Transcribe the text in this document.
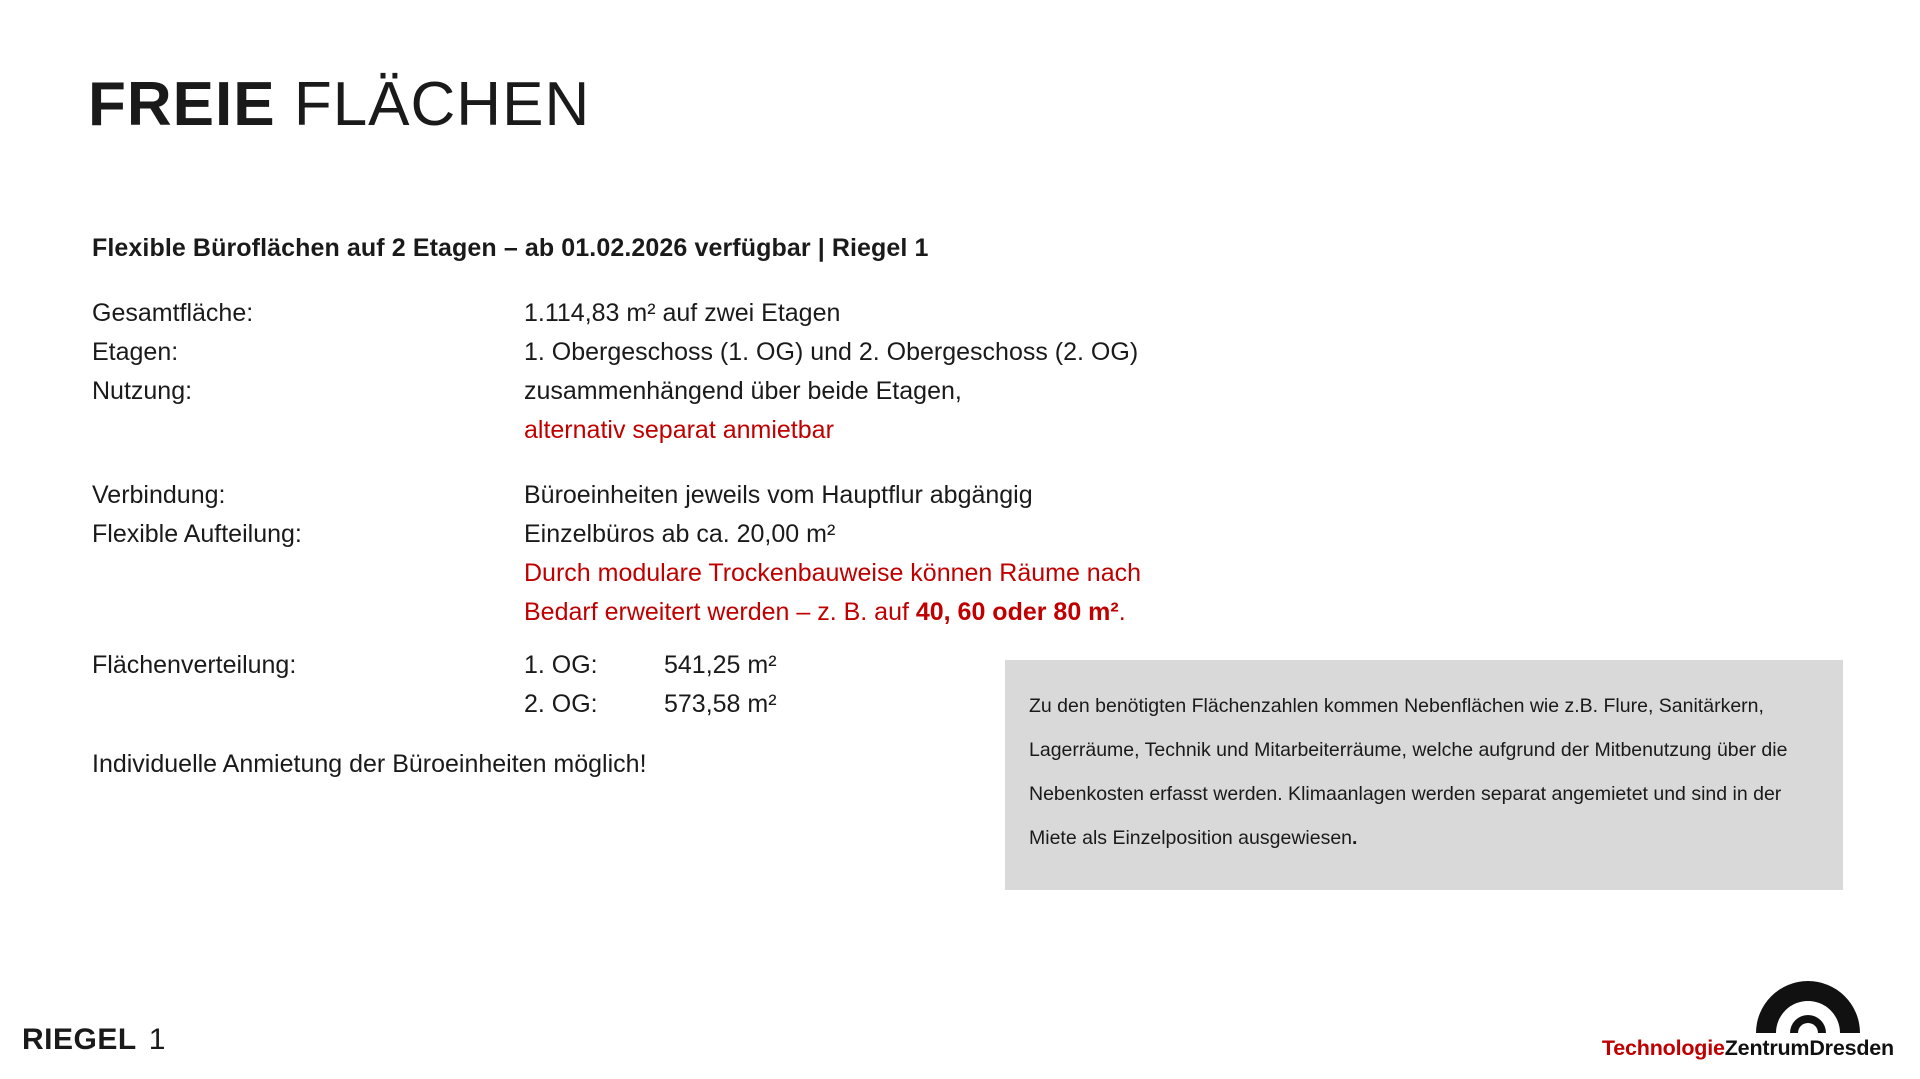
FREIE FLÄCHEN
Flexible Büroflächen auf 2 Etagen – ab 01.02.2026 verfügbar | Riegel 1
Gesamtfläche:	1.114,83 m² auf zwei Etagen
Etagen:	1. Obergeschoss (1. OG) und 2. Obergeschoss (2. OG)
Nutzung:	zusammenhängend über beide Etagen,
alternativ separat anmietbar
Verbindung:	Büroeinheiten jeweils vom Hauptflur abgängig
Flexible Aufteilung:	Einzelbüros ab ca. 20,00 m²
Durch modulare Trockenbauweise können Räume nach
Bedarf erweitert werden – z. B. auf 40, 60 oder 80 m².
Flächenverteilung:	1. OG:	541,25 m²
2. OG:	573,58 m²
Individuelle Anmietung der Büroeinheiten möglich!
Zu den benötigten Flächenzahlen kommen Nebenflächen wie z.B. Flure, Sanitärkern, Lagerräume, Technik und Mitarbeiterräume, welche aufgrund der Mitbenutzung über die Nebenkosten erfasst werden. Klimaanlagen werden separat angemietet und sind in der Miete als Einzelposition ausgewiesen.
RIEGEL 1	TechnologieZentrumDresden
